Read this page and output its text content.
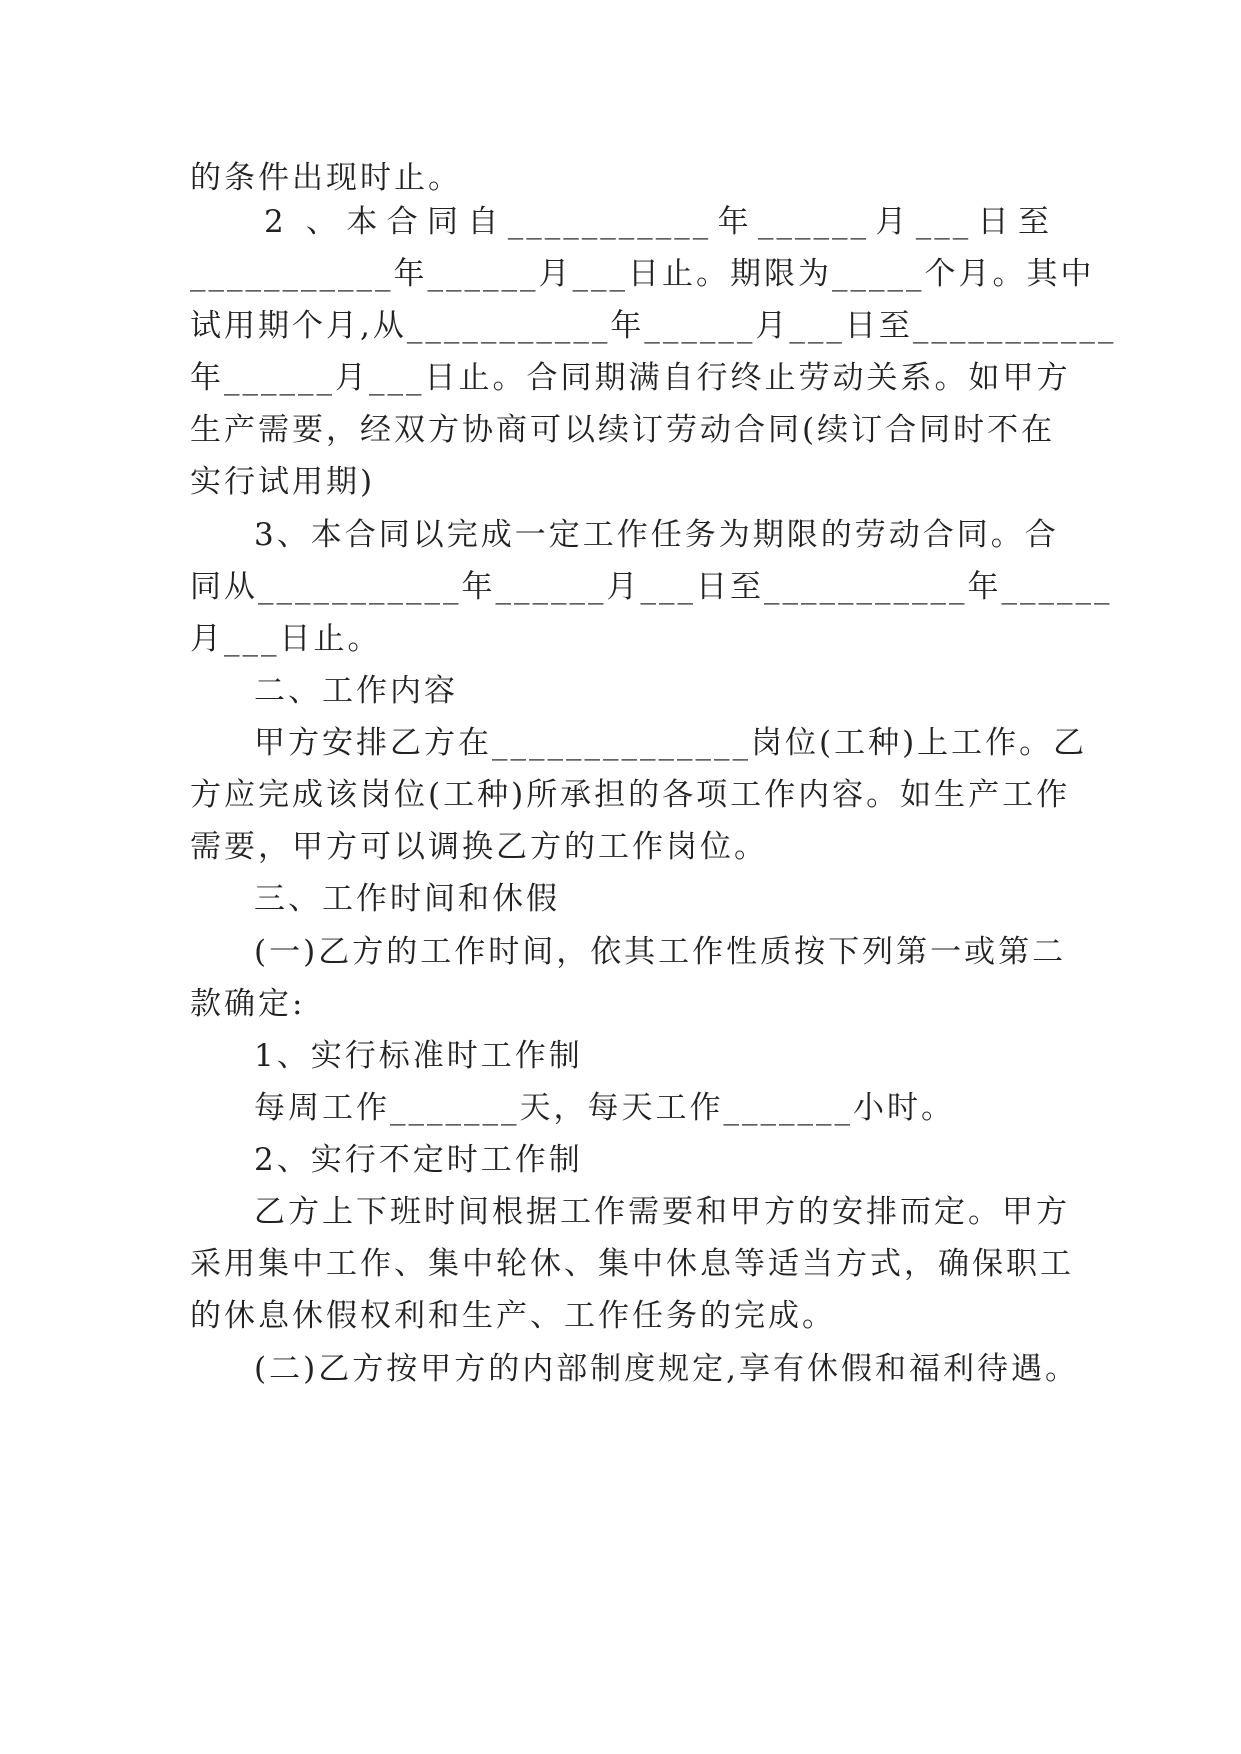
的条件出现时止。
2 、本合同自___________年______月___日至
___________年______月___日止。期限为_____个月。其中
试用期个月,从___________年______月___日至___________
年______月___日止。合同期满自行终止劳动关系。如甲方
生产需要，经双方协商可以续订劳动合同(续订合同时不在
实行试用期)
3、本合同以完成一定工作任务为期限的劳动合同。合
同从___________年______月___日至___________年______
月___日止。
二、工作内容
甲方安排乙方在______________岗位(工种)上工作。乙
方应完成该岗位(工种)所承担的各项工作内容。如生产工作
需要，甲方可以调换乙方的工作岗位。
三、工作时间和休假
(一)乙方的工作时间，依其工作性质按下列第一或第二
款确定:
1、实行标准时工作制
每周工作_______天，每天工作_______小时。
2、实行不定时工作制
乙方上下班时间根据工作需要和甲方的安排而定。甲方
采用集中工作、集中轮休、集中休息等适当方式，确保职工
的休息休假权利和生产、工作任务的完成。
(二)乙方按甲方的内部制度规定,享有休假和福利待遇。
